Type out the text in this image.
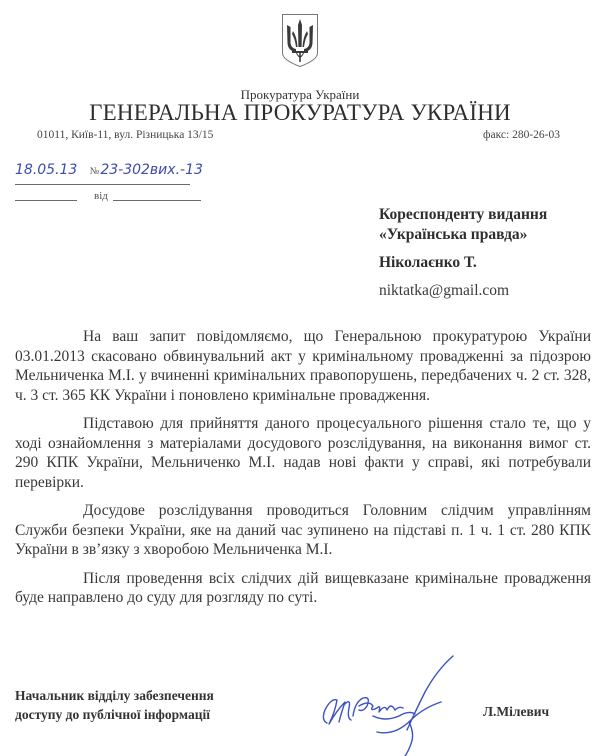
Прокуратура України
ГЕНЕРАЛЬНА ПРОКУРАТУРА УКРАЇНИ
01011, Київ-11, вул. Різницька 13/15	факс: 280-26-03
18.05.13 №23-302вих.-13
від
Кореспонденту видання
«Українська правда»
Ніколаєнко Т.
niktatka@gmail.com

На ваш запит повідомляємо, що Генеральною прокуратурою України 03.01.2013 скасовано обвинувальний акт у кримінальному провадженні за підозрою Мельниченка М.І. у вчиненні кримінальних правопорушень, передбачених ч. 2 ст. 328, ч. 3 ст. 365 КК України і поновлено кримінальне провадження.

Підставою для прийняття даного процесуального рішення стало те, що у ході ознайомлення з матеріалами досудового розслідування, на виконання вимог ст. 290 КПК України, Мельниченко М.І. надав нові факти у справі, які потребували перевірки.

Досудове розслідування проводиться Головним слідчим управлінням Служби безпеки України, яке на даний час зупинено на підставі п. 1 ч. 1 ст. 280 КПК України в зв’язку з хворобою Мельниченка М.І.

Після проведення всіх слідчих дій вищевказане кримінальне провадження буде направлено до суду для розгляду по суті.

Начальник відділу забезпечення
доступу до публічної інформації	Л.Мілевич
